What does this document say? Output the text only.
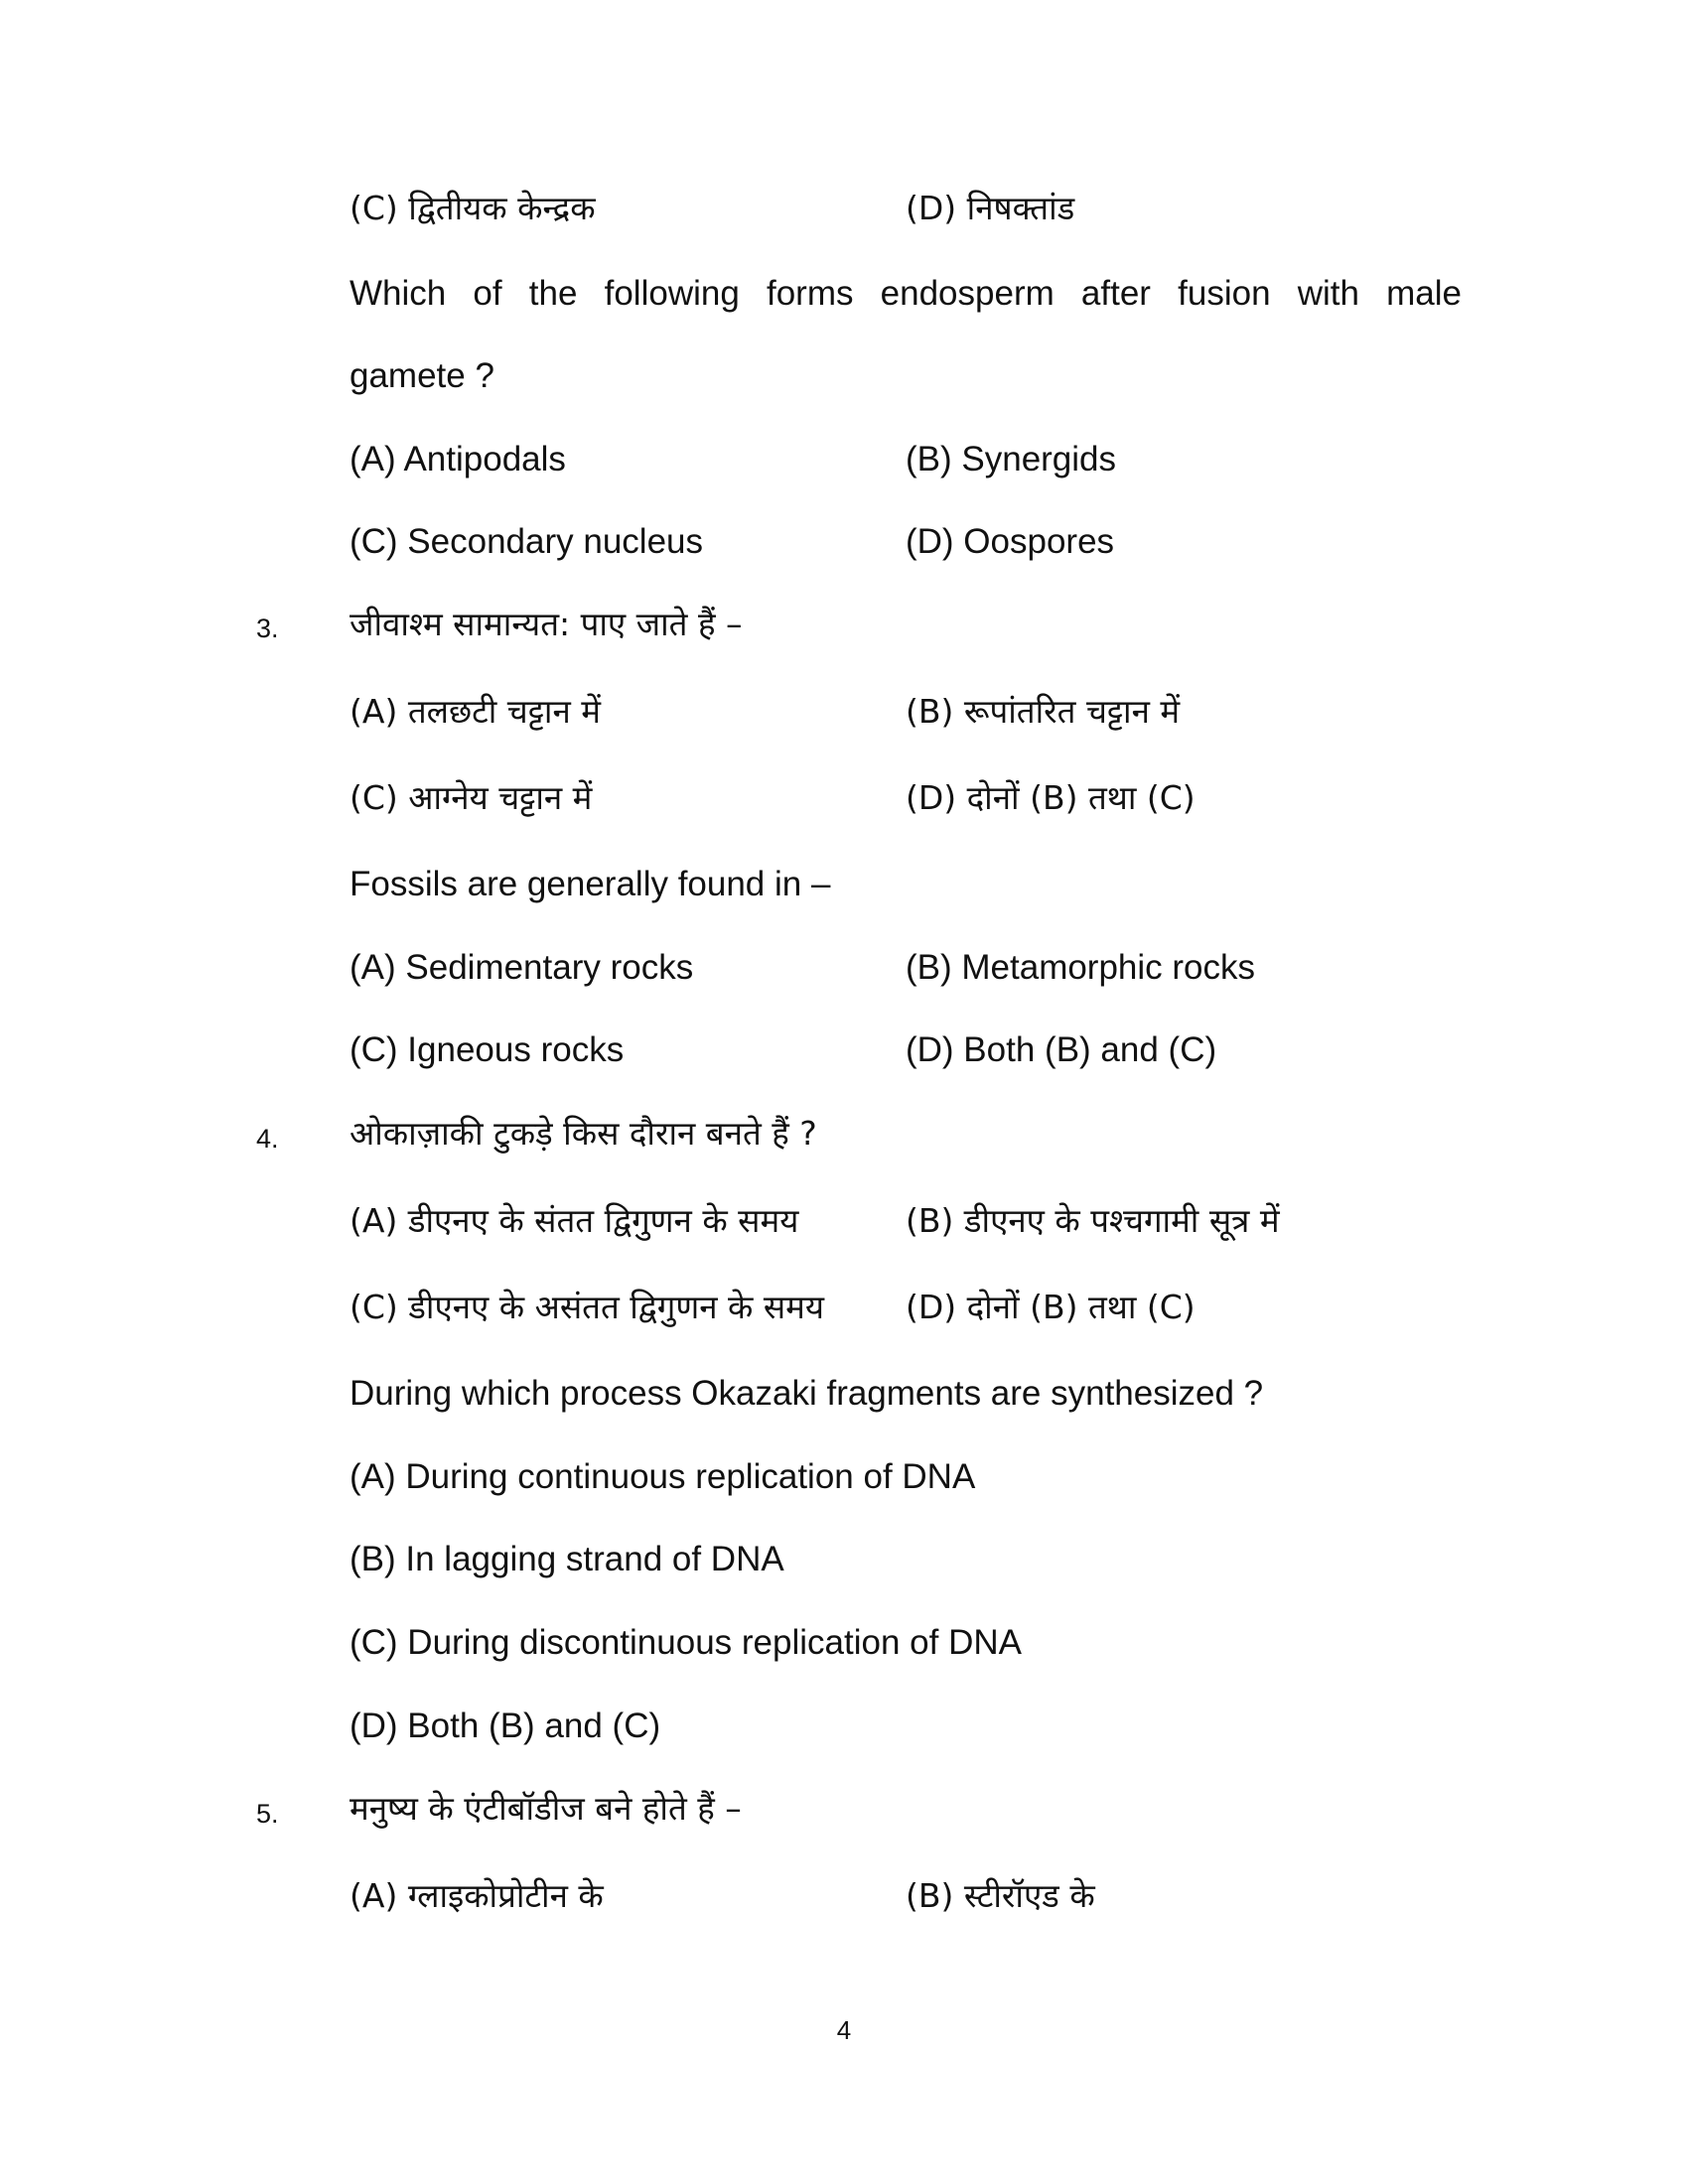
(C) द्वितीयक केन्द्रक	(D) निषक्तांड
Which of the following forms endosperm after fusion with male
gamete ?
(A) Antipodals	(B) Synergids
(C) Secondary nucleus	(D) Oospores
3. जीवाश्म सामान्यत: पाए जाते हैं –
(A) तलछटी चट्टान में	(B) रूपांतरित चट्टान में
(C) आग्नेय चट्टान में	(D) दोनों (B) तथा (C)
Fossils are generally found in –
(A) Sedimentary rocks	(B) Metamorphic rocks
(C) Igneous rocks	(D) Both (B) and (C)
4. ओकाज़ाकी टुकड़े किस दौरान बनते हैं ?
(A) डीएनए के संतत द्विगुणन के समय	(B) डीएनए के पश्चगामी सूत्र में
(C) डीएनए के असंतत द्विगुणन के समय (D) दोनों (B) तथा (C)
During which process Okazaki fragments are synthesized ?
(A) During continuous replication of DNA
(B) In lagging strand of DNA
(C) During discontinuous replication of DNA
(D) Both (B) and (C)
5. मनुष्य के एंटीबॉडीज बने होते हैं –
(A) ग्लाइकोप्रोटीन के	(B) स्टीरॉएड के
4
